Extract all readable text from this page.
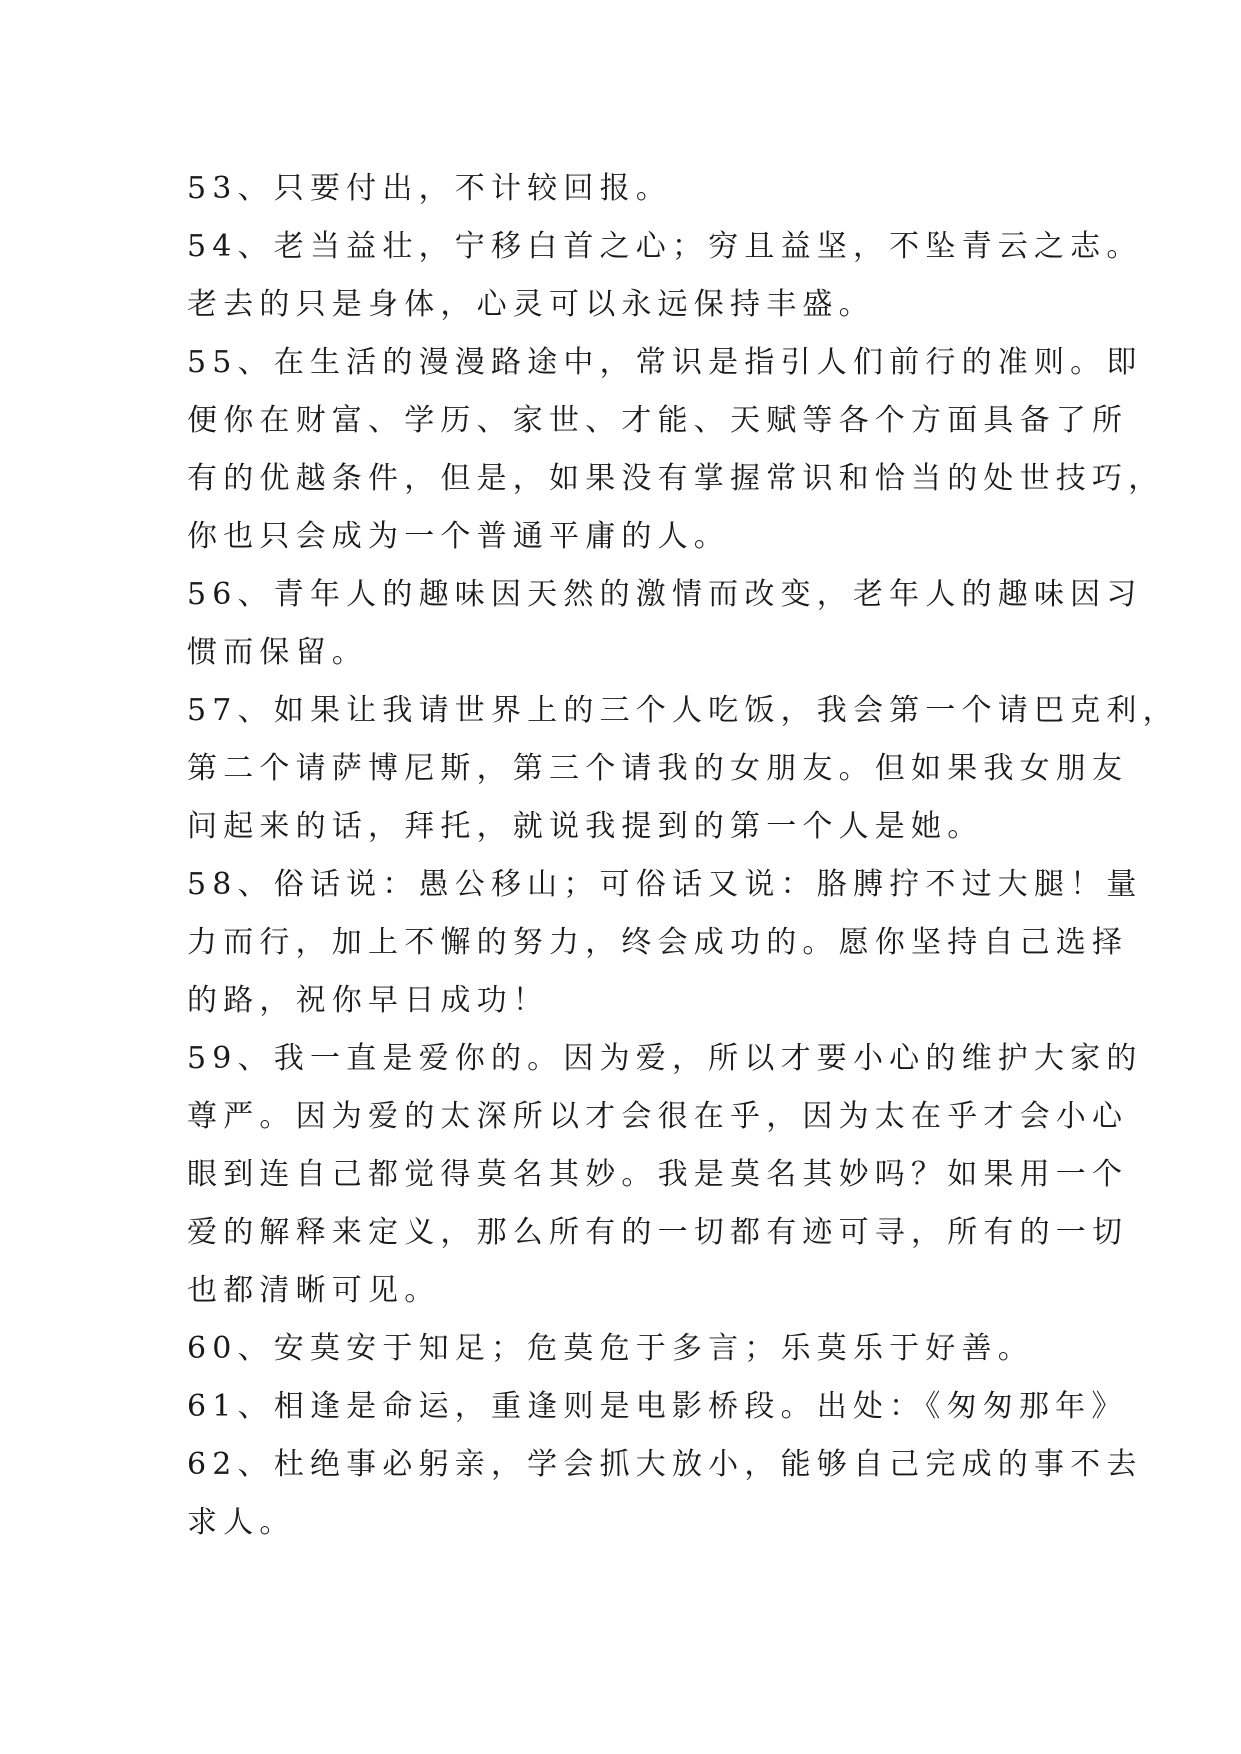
53、只要付出，不计较回报。
54、老当益壮，宁移白首之心；穷且益坚，不坠青云之志。
老去的只是身体，心灵可以永远保持丰盛。
55、在生活的漫漫路途中，常识是指引人们前行的准则。即
便你在财富、学历、家世、才能、天赋等各个方面具备了所
有的优越条件，但是，如果没有掌握常识和恰当的处世技巧，
你也只会成为一个普通平庸的人。
56、青年人的趣味因天然的激情而改变，老年人的趣味因习
惯而保留。
57、如果让我请世界上的三个人吃饭，我会第一个请巴克利，
第二个请萨博尼斯，第三个请我的女朋友。但如果我女朋友
问起来的话，拜托，就说我提到的第一个人是她。
58、俗话说：愚公移山；可俗话又说：胳膊拧不过大腿！量
力而行，加上不懈的努力，终会成功的。愿你坚持自己选择
的路，祝你早日成功！
59、我一直是爱你的。因为爱，所以才要小心的维护大家的
尊严。因为爱的太深所以才会很在乎，因为太在乎才会小心
眼到连自己都觉得莫名其妙。我是莫名其妙吗？如果用一个
爱的解释来定义，那么所有的一切都有迹可寻，所有的一切
也都清晰可见。
60、安莫安于知足；危莫危于多言；乐莫乐于好善。
61、相逢是命运，重逢则是电影桥段。出处：《匆匆那年》
62、杜绝事必躬亲，学会抓大放小，能够自己完成的事不去
求人。
